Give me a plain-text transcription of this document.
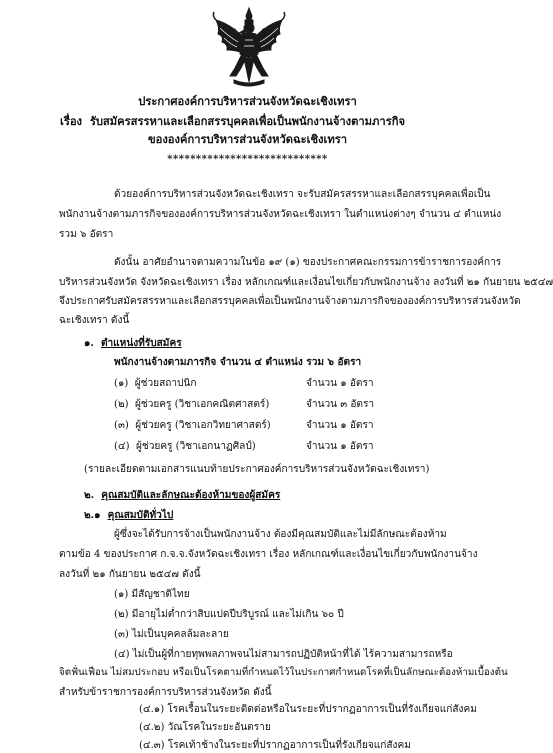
ประกาศองค์การบริหารส่วนจังหวัดฉะเชิงเทรา
เรื่อง รับสมัครสรรหาและเลือกสรรบุคคลเพื่อเป็นพนักงานจ้างตามภารกิจ
ขององค์การบริหารส่วนจังหวัดฉะเชิงเทรา
****************************
ด้วยองค์การบริหารส่วนจังหวัดฉะเชิงเทรา จะรับสมัครสรรหาและเลือกสรรบุคคลเพื่อเป็น
พนักงานจ้างตามภารกิจขององค์การบริหารส่วนจังหวัดฉะเชิงเทรา ในตำแหน่งต่างๆ จำนวน ๔ ตำแหน่ง
รวม ๖ อัตรา
ดังนั้น อาศัยอำนาจตามความในข้อ ๑๙ (๑) ของประกาศคณะกรรมการข้าราชการองค์การ
บริหารส่วนจังหวัด จังหวัดฉะเชิงเทรา เรื่อง หลักเกณฑ์และเงื่อนไขเกี่ยวกับพนักงานจ้าง ลงวันที่ ๒๑ กันยายน ๒๕๔๗
จึงประกาศรับสมัครสรรหาและเลือกสรรบุคคลเพื่อเป็นพนักงานจ้างตามภารกิจขององค์การบริหารส่วนจังหวัด
ฉะเชิงเทรา ดังนี้
๑. ตำแหน่งที่รับสมัคร
พนักงานจ้างตามภารกิจ จำนวน ๔ ตำแหน่ง รวม ๖ อัตรา
(๑) ผู้ช่วยสถาปนิก	จำนวน ๑ อัตรา
(๒) ผู้ช่วยครู (วิชาเอกคณิตศาสตร์)	จำนวน ๓ อัตรา
(๓) ผู้ช่วยครู (วิชาเอกวิทยาศาสตร์)	จำนวน ๑ อัตรา
(๔) ผู้ช่วยครู (วิชาเอกนาฏศิลป์)	จำนวน ๑ อัตรา
(รายละเอียดตามเอกสารแนบท้ายประกาศองค์การบริหารส่วนจังหวัดฉะเชิงเทรา)
๒. คุณสมบัติและลักษณะต้องห้ามของผู้สมัคร
๒.๑ คุณสมบัติทั่วไป
ผู้ซึ่งจะได้รับการจ้างเป็นพนักงานจ้าง ต้องมีคุณสมบัติและไม่มีลักษณะต้องห้าม
ตามข้อ 4 ของประกาศ ก.จ.จ.จังหวัดฉะเชิงเทรา เรื่อง หลักเกณฑ์และเงื่อนไขเกี่ยวกับพนักงานจ้าง
ลงวันที่ ๒๑ กันยายน ๒๕๔๗ ดังนี้
(๑) มีสัญชาติไทย
(๒) มีอายุไม่ต่ำกว่าสิบแปดปีบริบูรณ์ และไม่เกิน ๖๐ ปี
(๓) ไม่เป็นบุคคลล้มละลาย
(๔) ไม่เป็นผู้ที่กายทุพพลภาพจนไม่สามารถปฏิบัติหน้าที่ได้ ไร้ความสามารถหรือ
จิตฟั่นเฟือน ไม่สมประกอบ หรือเป็นโรคตามที่กำหนดไว้ในประกาศกำหนดโรคที่เป็นลักษณะต้องห้ามเบื้องต้น
สำหรับข้าราชการองค์การบริหารส่วนจังหวัด ดังนี้
(๔.๑) โรคเรื้อนในระยะติดต่อหรือในระยะที่ปรากฏอาการเป็นที่รังเกียจแก่สังคม
(๔.๒) วัณโรคในระยะอันตราย
(๔.๓) โรคเท้าช้างในระยะที่ปรากฏอาการเป็นที่รังเกียจแก่สังคม
